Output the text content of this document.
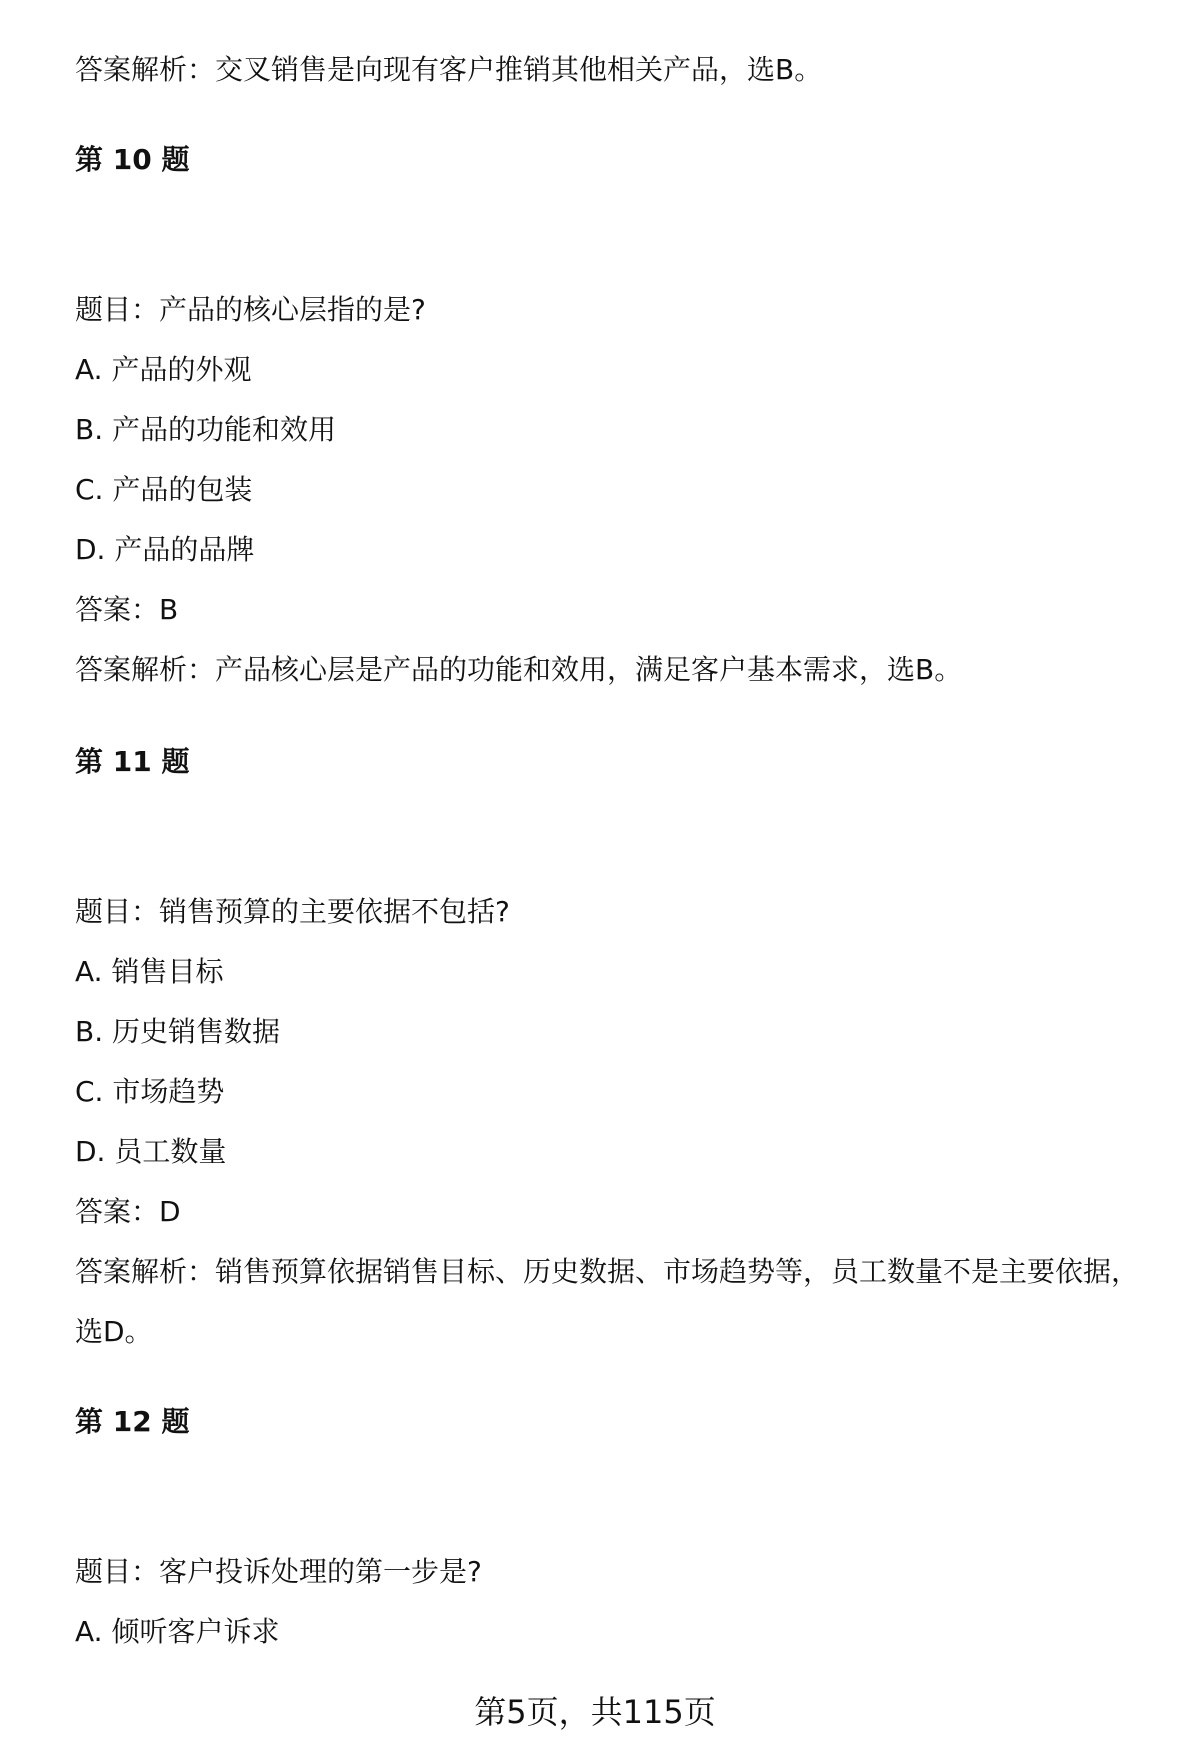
答案解析：交叉销售是向现有客户推销其他相关产品，选B。
第 10 题
题目：产品的核心层指的是?
A. 产品的外观
B. 产品的功能和效用
C. 产品的包装
D. 产品的品牌
答案：B
答案解析：产品核心层是产品的功能和效用，满足客户基本需求，选B。
第 11 题
题目：销售预算的主要依据不包括?
A. 销售目标
B. 历史销售数据
C. 市场趋势
D. 员工数量
答案：D
答案解析：销售预算依据销售目标、历史数据、市场趋势等，员工数量不是主要依据，选D。
第 12 题
题目：客户投诉处理的第一步是?
A. 倾听客户诉求
第5页，共115页
